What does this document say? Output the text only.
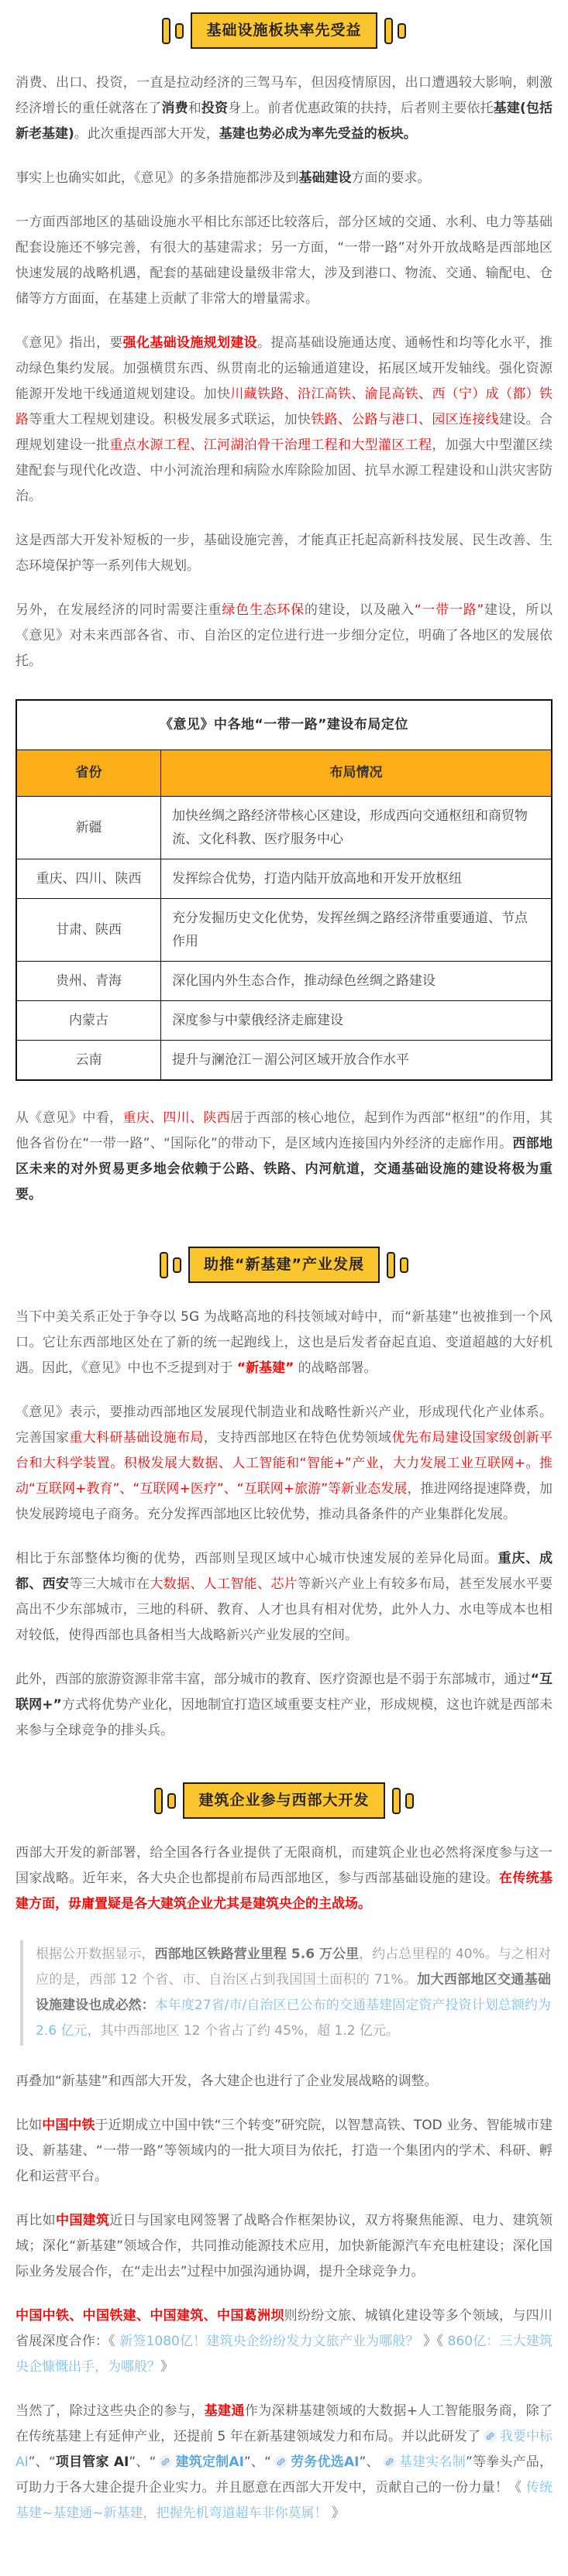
基础设施板块率先受益

消费、出口、投资，一直是拉动经济的三驾马车，但因疫情原因，出口遭遇较大影响，刺激经济增长的重任就落在了消费和投资身上。前者优惠政策的扶持，后者则主要依托基建(包括新老基建)。此次重提西部大开发，基建也势必成为率先受益的板块。

事实上也确实如此，《意见》的多条措施都涉及到基础建设方面的要求。

一方面西部地区的基础设施水平相比东部还比较落后，部分区域的交通、水利、电力等基础配套设施还不够完善，有很大的基建需求；另一方面，“一带一路”对外开放战略是西部地区快速发展的战略机遇，配套的基础建设量级非常大，涉及到港口、物流、交通、输配电、仓储等方方面面，在基建上贡献了非常大的增量需求。

《意见》指出，要强化基础设施规划建设。提高基础设施通达度、通畅性和均等化水平，推动绿色集约发展。加强横贯东西、纵贯南北的运输通道建设，拓展区域开发轴线。强化资源能源开发地干线通道规划建设。加快川藏铁路、沿江高铁、渝昆高铁、西（宁）成（都）铁路等重大工程规划建设。积极发展多式联运，加快铁路、公路与港口、园区连接线建设。合理规划建设一批重点水源工程、江河湖泊骨干治理工程和大型灌区工程，加强大中型灌区续建配套与现代化改造、中小河流治理和病险水库除险加固、抗旱水源工程建设和山洪灾害防治。

这是西部大开发补短板的一步，基础设施完善，才能真正托起高新科技发展、民生改善、生态环境保护等一系列伟大规划。

另外，在发展经济的同时需要注重绿色生态环保的建设，以及融入“一带一路”建设，所以《意见》对未来西部各省、市、自治区的定位进行进一步细分定位，明确了各地区的发展依托。

《意见》中各地“一带一路”建设布局定位	
省份	布局情况
新疆	加快丝绸之路经济带核心区建设，形成西向交通枢纽和商贸物流、文化科教、医疗服务中心
重庆、四川、陕西	发挥综合优势，打造内陆开放高地和开发开放枢纽
甘肃、陕西	充分发掘历史文化优势，发挥丝绸之路经济带重要通道、节点作用
贵州、青海	深化国内外生态合作，推动绿色丝绸之路建设
内蒙古	深度参与中蒙俄经济走廊建设
云南	提升与澜沧江－湄公河区域开放合作水平

从《意见》中看，重庆、四川、陕西居于西部的核心地位，起到作为西部“枢纽”的作用，其他各省份在“一带一路”、“国际化”的带动下，是区域内连接国内外经济的走廊作用。西部地区未来的对外贸易更多地会依赖于公路、铁路、内河航道，交通基础设施的建设将极为重要。

助推“新基建”产业发展

当下中美关系正处于争夺以 5G 为战略高地的科技领域对峙中，而“新基建”也被推到一个风口。它让东西部地区处在了新的统一起跑线上，这也是后发者奋起直追、变道超越的大好机遇。因此，《意见》中也不乏提到对于 “新基建” 的战略部署。

《意见》表示，要推动西部地区发展现代制造业和战略性新兴产业，形成现代化产业体系。完善国家重大科研基础设施布局，支持西部地区在特色优势领域优先布局建设国家级创新平台和大科学装置。积极发展大数据、人工智能和“智能+”产业，大力发展工业互联网+。推动“互联网+教育”、“互联网+医疗”、“互联网+旅游”等新业态发展，推进网络提速降费，加快发展跨境电子商务。充分发挥西部地区比较优势，推动具备条件的产业集群化发展。

相比于东部整体均衡的优势，西部则呈现区域中心城市快速发展的差异化局面。重庆、成都、西安等三大城市在大数据、人工智能、芯片等新兴产业上有较多布局，甚至发展水平要高出不少东部城市，三地的科研、教育、人才也具有相对优势，此外人力、水电等成本也相对较低，使得西部也具备相当大战略新兴产业发展的空间。

此外，西部的旅游资源非常丰富，部分城市的教育、医疗资源也是不弱于东部城市，通过“互联网+”方式将优势产业化，因地制宜打造区域重要支柱产业，形成规模，这也许就是西部未来参与全球竞争的排头兵。

建筑企业参与西部大开发

西部大开发的新部署，给全国各行各业提供了无限商机，而建筑企业也必然将深度参与这一国家战略。近年来，各大央企也都提前布局西部地区，参与西部基础设施的建设。在传统基建方面，毋庸置疑是各大建筑企业尤其是建筑央企的主战场。

根据公开数据显示，西部地区铁路营业里程 5.6 万公里，约占总里程的 40%。与之相对应的是，西部 12 个省、市、自治区占到我国国土面积的 71%。加大西部地区交通基础设施建设也成必然：本年度27省/市/自治区已公布的交通基建固定资产投资计划总额约为 2.6 亿元，其中西部地区 12 个省占了约 45%，超 1.2 亿元。

再叠加“新基建”和西部大开发，各大建企也进行了企业发展战略的调整。

比如中国中铁于近期成立中国中铁“三个转变”研究院，以智慧高铁、TOD 业务、智能城市建设、新基建、“一带一路”等领域内的一批大项目为依托，打造一个集团内的学术、科研、孵化和运营平台。

再比如中国建筑近日与国家电网签署了战略合作框架协议，双方将聚焦能源、电力、建筑领域；深化“新基建”领域合作，共同推动能源技术应用，加快新能源汽车充电桩建设；深化国际业务发展合作，在“走出去”过程中加强沟通协调，提升全球竞争力。

中国中铁、中国铁建、中国建筑、中国葛洲坝则纷纷文旅、城镇化建设等多个领域，与四川省展深度合作：《 新签1080亿！建筑央企纷纷发力文旅产业为哪般？ 》《 860亿：三大建筑央企慷慨出手，为哪般？》

当然了，除过这些央企的参与，基建通作为深耕基建领域的大数据+人工智能服务商，除了在传统基建上有延伸产业，还提前 5 年在新基建领域发力和布局。并以此研发了 我要中标AI”、“项目管家 AI”、“ 建筑定制AI”、“ 劳务优选AI”、 基建实名制”等拳头产品，可助力于各大建企提升企业实力。并且愿意在西部大开发中，贡献自己的一份力量！《 传统基建~基建通~新基建，把握先机弯道超车非你莫属！ 》
